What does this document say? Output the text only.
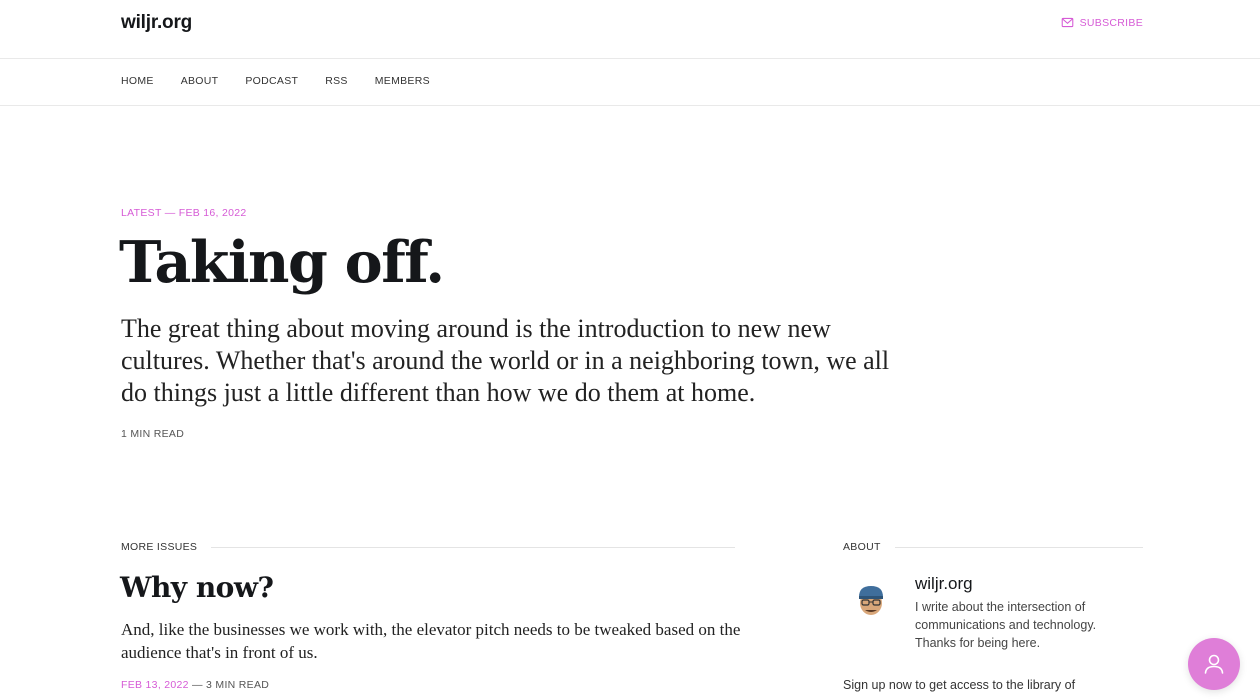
wiljr.org	SUBSCRIBE
HOME	ABOUT	PODCAST	RSS	MEMBERS
LATEST — FEB 16, 2022
Taking off.

The great thing about moving around is the introduction to new new cultures. Whether that's around the world or in a neighboring town, we all do things just a little different than how we do them at home.

1 MIN READ
MORE ISSUES	ABOUT
Why now?

And, like the businesses we work with, the elevator pitch needs to be tweaked based on the audience that's in front of us.

FEB 13, 2022 — 3 MIN READ
wiljr.org

I write about the intersection of communications and technology. Thanks for being here.

Sign up now to get access to the library of
